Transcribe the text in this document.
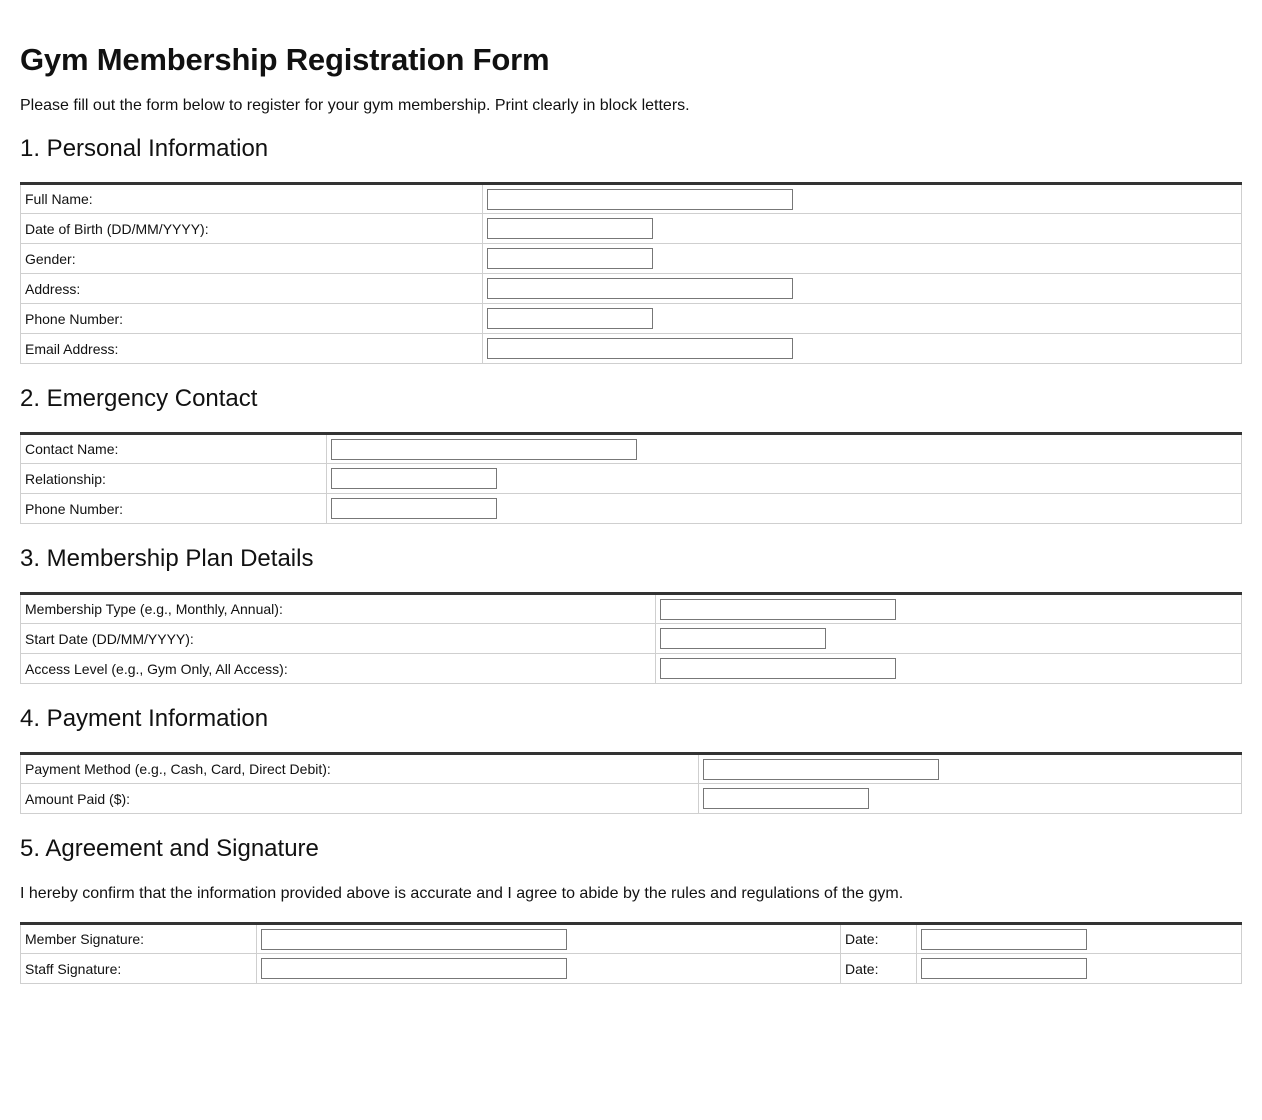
Gym Membership Registration Form

Please fill out the form below to register for your gym membership. Print clearly in block letters.

1. Personal Information
Full Name:	
Date of Birth (DD/MM/YYYY):	
Gender:	
Address:	
Phone Number:	
Email Address:	
2. Emergency Contact
Contact Name:	
Relationship:	
Phone Number:	
3. Membership Plan Details
Membership Type (e.g., Monthly, Annual):	
Start Date (DD/MM/YYYY):	
Access Level (e.g., Gym Only, All Access):	
4. Payment Information
Payment Method (e.g., Cash, Card, Direct Debit):	
Amount Paid ($):	
5. Agreement and Signature

I hereby confirm that the information provided above is accurate and I agree to abide by the rules and regulations of the gym.

Member Signature:		Date:	
Staff Signature:		Date:	
